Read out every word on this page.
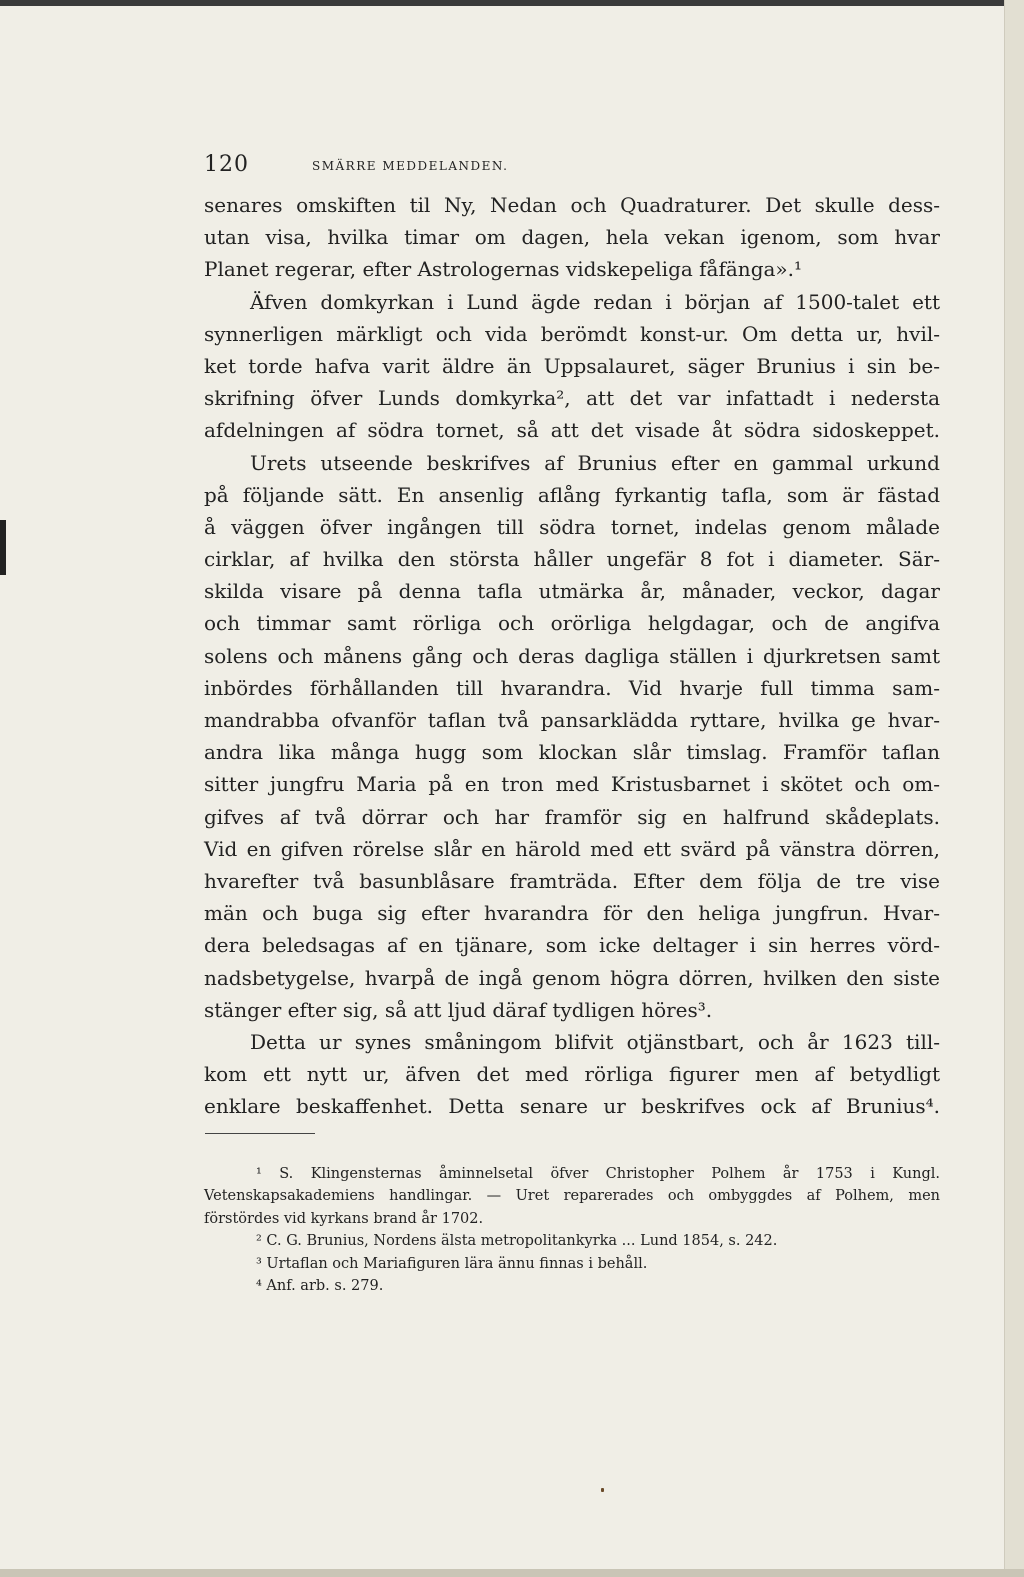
120	SMÄRRE MEDDELANDEN.
senares omskiften til Ny, Nedan och Quadraturer. Det skulle dess-
utan visa, hvilka timar om dagen, hela vekan igenom, som hvar
Planet regerar, efter Astrologernas vidskepeliga fåfänga».¹
Äfven domkyrkan i Lund ägde redan i början af 1500-talet ett
synnerligen märkligt och vida berömdt konst-ur. Om detta ur, hvil-
ket torde hafva varit äldre än Uppsalauret, säger Brunius i sin be-
skrifning öfver Lunds domkyrka², att det var infattadt i nedersta
afdelningen af södra tornet, så att det visade åt södra sidoskeppet.
Urets utseende beskrifves af Brunius efter en gammal urkund
på följande sätt. En ansenlig aflång fyrkantig tafla, som är fästad
å väggen öfver ingången till södra tornet, indelas genom målade
cirklar, af hvilka den största håller ungefär 8 fot i diameter. Sär-
skilda visare på denna tafla utmärka år, månader, veckor, dagar
och timmar samt rörliga och orörliga helgdagar, och de angifva
solens och månens gång och deras dagliga ställen i djurkretsen samt
inbördes förhållanden till hvarandra. Vid hvarje full timma sam-
mandrabba ofvanför taflan två pansarklädda ryttare, hvilka ge hvar-
andra lika många hugg som klockan slår timslag. Framför taflan
sitter jungfru Maria på en tron med Kristusbarnet i skötet och om-
gifves af två dörrar och har framför sig en halfrund skådeplats.
Vid en gifven rörelse slår en härold med ett svärd på vänstra dörren,
hvarefter två basunblåsare framträda. Efter dem följa de tre vise
män och buga sig efter hvarandra för den heliga jungfrun. Hvar-
dera beledsagas af en tjänare, som icke deltager i sin herres vörd-
nadsbetygelse, hvarpå de ingå genom högra dörren, hvilken den siste
stänger efter sig, så att ljud däraf tydligen höres³.
Detta ur synes småningom blifvit otjänstbart, och år 1623 till-
kom ett nytt ur, äfven det med rörliga figurer men af betydligt
enklare beskaffenhet. Detta senare ur beskrifves ock af Brunius⁴.
¹ S. Klingensternas åminnelsetal öfver Christopher Polhem år 1753 i Kungl.
Vetenskapsakademiens handlingar. — Uret reparerades och ombyggdes af Polhem, men
förstördes vid kyrkans brand år 1702.
² C. G. Brunius, Nordens älsta metropolitankyrka ... Lund 1854, s. 242.
³ Urtaflan och Mariafiguren lära ännu finnas i behåll.
⁴ Anf. arb. s. 279.
